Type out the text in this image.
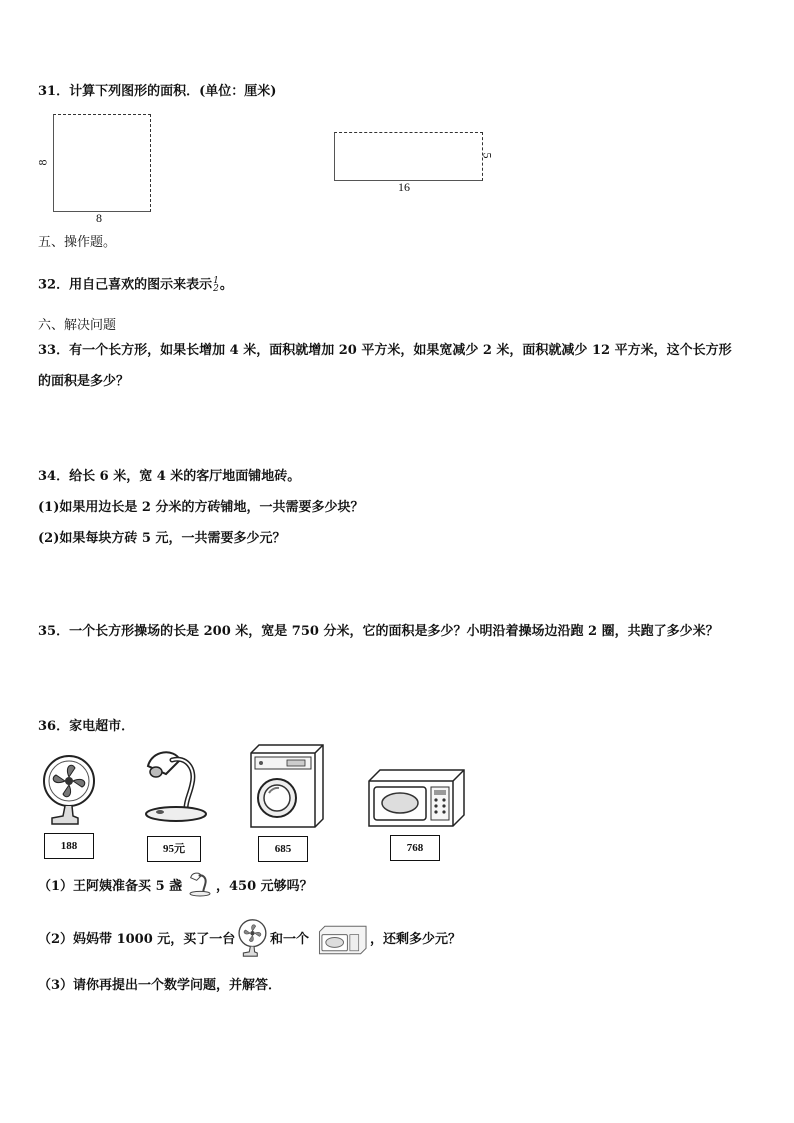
31．计算下列图形的面积．(单位：厘米)
8
8
5
16
五、操作题。
32．用自己喜欢的图示来表示 1
2 。
六、解决问题
33．有一个长方形，如果长增加 4 米，面积就增加 20 平方米，如果宽减少 2 米，面积就减少 12 平方米，这个长方形
的面积是多少？
34．给长 6 米，宽 4 米的客厅地面铺地砖。
(1)如果用边长是 2 分米的方砖铺地，一共需要多少块？
(2)如果每块方砖 5 元，一共需要多少元？
35．一个长方形操场的长是 200 米，宽是 750 分米，它的面积是多少？小明沿着操场边沿跑 2 圈，共跑了多少米？
36．家电超市．
188	95元	685	768
（1）王阿姨准备买 5 盏	，450 元够吗？
（2）妈妈带 1000 元，买了一台	和一个	，还剩多少元？
（3）请你再提出一个数学问题，并解答．
